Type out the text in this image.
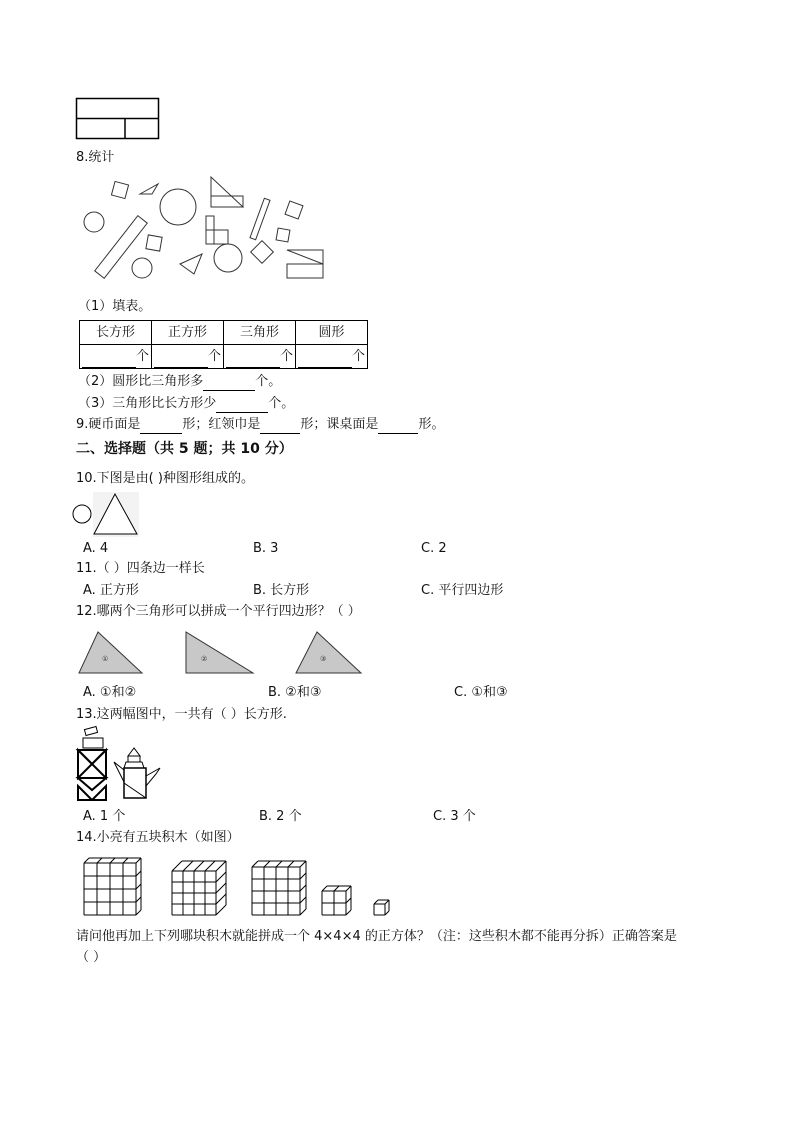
8.统计
（1）填表。
长方形	正方形	三角形	圆形
个	个	个	个
（2）圆形比三角形多	个。
（3）三角形比长方形少	个。
9.硬币面是	形；红领巾是	形；课桌面是	形。
二、选择题（共 5 题；共 10 分）
10.下图是由( )种图形组成的。
A. 4	B. 3	C. 2
11.（ ）四条边一样长
A. 正方形	B. 长方形	C. 平行四边形
12.哪两个三角形可以拼成一个平行四边形？（ ）
①	②	③
A. ①和②	B. ②和③	C. ①和③
13.这两幅图中，一共有（ ）长方形.
A. 1 个	B. 2 个	C. 3 个
14.小亮有五块积木（如图）
请问他再加上下列哪块积木就能拼成一个 4×4×4 的正方体？（注：这些积木都不能再分拆）正确答案是
（ ）
